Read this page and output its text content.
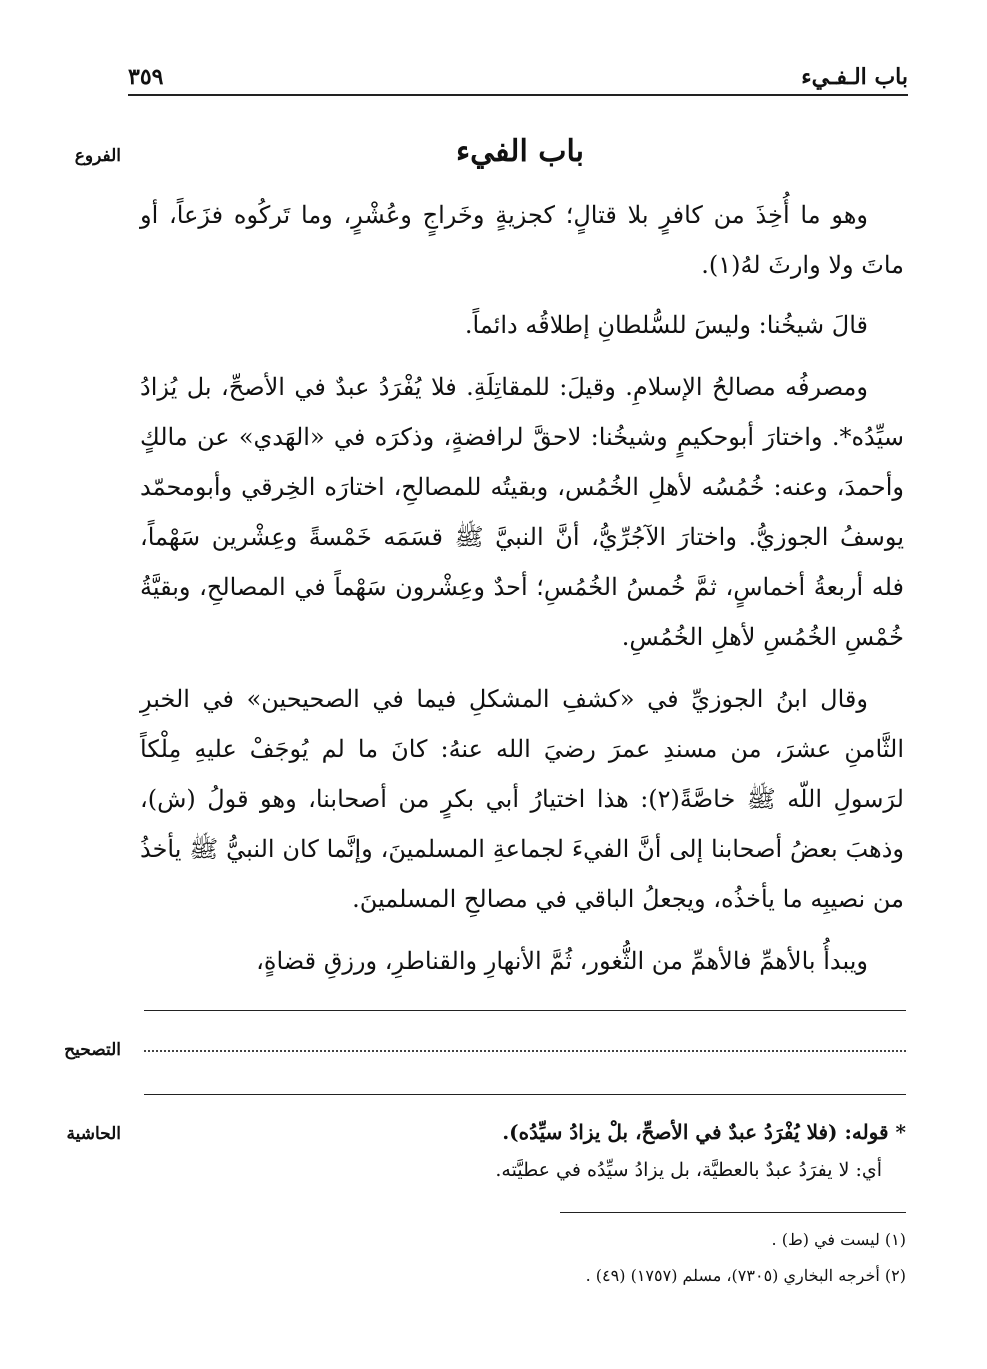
باب الـفـيء
٣٥٩
الفروع	باب الفيء

وهو ما أُخِذَ من كافرٍ بلا قتالٍ؛ كجزيةٍ وخَراجٍ وعُشْرٍ، وما تَركُوه فزَعاً، أو ماتَ ولا وارثَ لهُ(١).

قالَ شيخُنا: وليسَ للسُّلطانِ إطلاقُه دائماً.

ومصرفُه مصالحُ الإسلامِ. وقيلَ: للمقاتِلَةِ. فلا يُفْرَدُ عبدٌ في الأصحِّ، بل يُزادُ سيِّدُه*. واختارَ أبوحكيمٍ وشيخُنا: لاحقَّ لرافضةٍ، وذكرَه في «الهَدي» عن مالكٍ وأحمدَ، وعنه: خُمُسُه لأهلِ الخُمُس، وبقيتُه للمصالحِ، اختارَه الخِرقي وأبومحمّد يوسفُ الجوزيُّ. واختارَ الآجُرِّيُّ، أنَّ النبيَّ ﷺ قسَمَه خَمْسةً وعِشْرين سَهْماً، فله أربعةُ أخماسٍ، ثمَّ خُمسُ الخُمُسِ؛ أحدٌ وعِشْرون سَهْماً في المصالحِ، وبقيَّةُ خُمْسِ الخُمُسِ لأهلِ الخُمُسِ.

وقال ابنُ الجوزيِّ في «كشفِ المشكلِ فيما في الصحيحين» في الخبرِ الثَّامنِ عشرَ، من مسندِ عمرَ رضيَ الله عنهُ: كانَ ما لم يُوجَفْ عليهِ مِلْكاً لرَسولِ اللّه ﷺ خاصَّةً(٢): هذا اختيارُ أبي بكرٍ من أصحابنا، وهو قولُ (ش)، وذهبَ بعضُ أصحابنا إلى أنَّ الفيءَ لجماعةِ المسلمينَ، وإنَّما كان النبيُّ ﷺ يأخذُ من نصيبِه ما يأخذُه، ويجعلُ الباقي في مصالحِ المسلمينَ.

ويبدأُ بالأهمِّ فالأهمِّ من الثُّغور، ثُمَّ الأنهارِ والقناطرِ، ورزقِ قضاةٍ،

التصحيح
الحاشية	* قوله: (فلا يُفْرَدُ عبدٌ في الأصحِّ، بلْ يزادُ سيِّدُه).
أي: لا يفرَدُ عبدٌ بالعطيَّة، بل يزادُ سيِّدُه في عطيَّته.
(١) ليست في (ط) .
(٢) أخرجه البخاري (٧٣٠٥)، مسلم (١٧٥٧) (٤٩) .
